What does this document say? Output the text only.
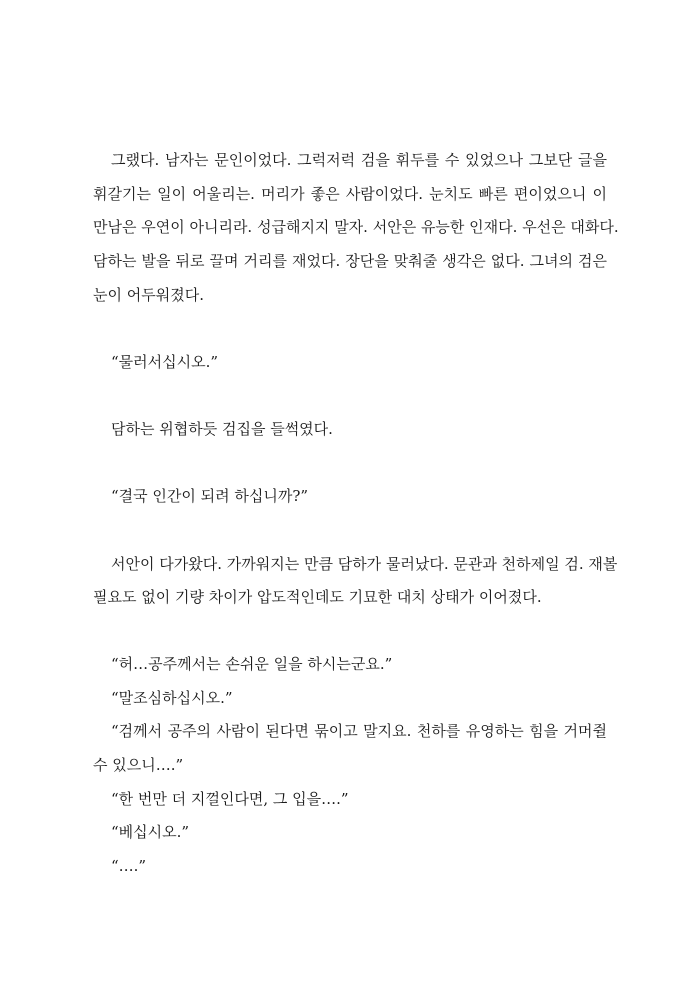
그랬다. 남자는 문인이었다. 그럭저럭 검을 휘두를 수 있었으나 그보단 글을
휘갈기는 일이 어울리는. 머리가 좋은 사람이었다. 눈치도 빠른 편이었으니 이
만남은 우연이 아니리라. 성급해지지 말자. 서안은 유능한 인재다. 우선은 대화다.
담하는 발을 뒤로 끌며 거리를 재었다. 장단을 맞춰줄 생각은 없다. 그녀의 검은
눈이 어두워졌다.
“물러서십시오.”
담하는 위협하듯 검집을 들썩였다.
“결국 인간이 되려 하십니까?”
서안이 다가왔다. 가까워지는 만큼 담하가 물러났다. 문관과 천하제일 검. 재볼
필요도 없이 기량 차이가 압도적인데도 기묘한 대치 상태가 이어졌다.
“허…공주께서는 손쉬운 일을 하시는군요.”
“말조심하십시오.”
“검께서 공주의 사람이 된다면 묶이고 말지요. 천하를 유영하는 힘을 거머쥘
수 있으니….”
“한 번만 더 지껄인다면, 그 입을….”
“베십시오.”
“….”
